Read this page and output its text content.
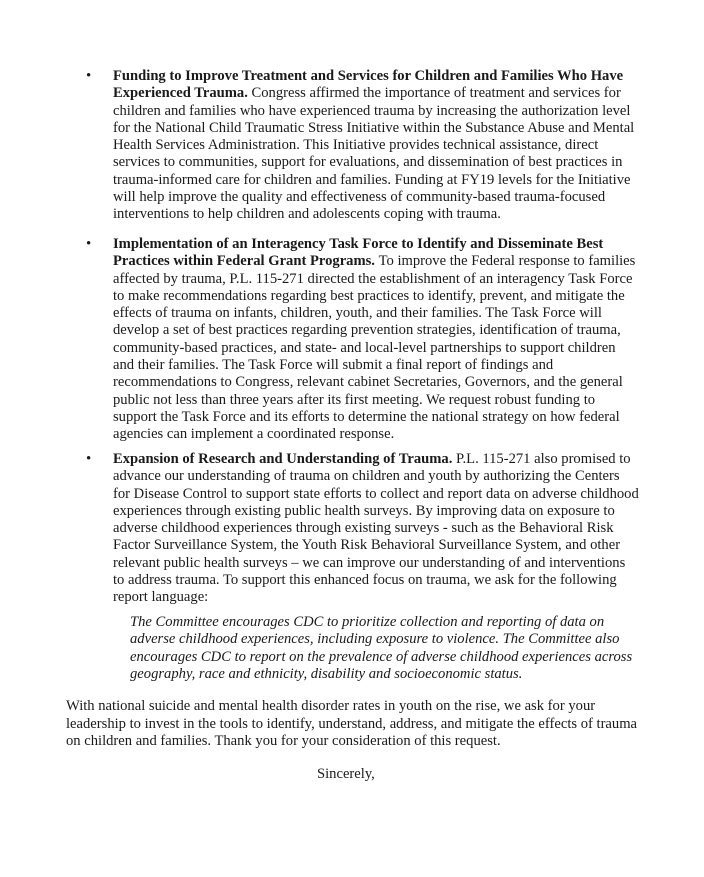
• Funding to Improve Treatment and Services for Children and Families Who Have Experienced Trauma. Congress affirmed the importance of treatment and services for children and families who have experienced trauma by increasing the authorization level for the National Child Traumatic Stress Initiative within the Substance Abuse and Mental Health Services Administration. This Initiative provides technical assistance, direct services to communities, support for evaluations, and dissemination of best practices in trauma-informed care for children and families. Funding at FY19 levels for the Initiative will help improve the quality and effectiveness of community-based trauma-focused interventions to help children and adolescents coping with trauma.
• Implementation of an Interagency Task Force to Identify and Disseminate Best Practices within Federal Grant Programs. To improve the Federal response to families affected by trauma, P.L. 115-271 directed the establishment of an interagency Task Force to make recommendations regarding best practices to identify, prevent, and mitigate the effects of trauma on infants, children, youth, and their families. The Task Force will develop a set of best practices regarding prevention strategies, identification of trauma, community-based practices, and state- and local-level partnerships to support children and their families. The Task Force will submit a final report of findings and recommendations to Congress, relevant cabinet Secretaries, Governors, and the general public not less than three years after its first meeting. We request robust funding to support the Task Force and its efforts to determine the national strategy on how federal agencies can implement a coordinated response.
• Expansion of Research and Understanding of Trauma. P.L. 115-271 also promised to advance our understanding of trauma on children and youth by authorizing the Centers for Disease Control to support state efforts to collect and report data on adverse childhood experiences through existing public health surveys. By improving data on exposure to adverse childhood experiences through existing surveys - such as the Behavioral Risk Factor Surveillance System, the Youth Risk Behavioral Surveillance System, and other relevant public health surveys – we can improve our understanding of and interventions to address trauma. To support this enhanced focus on trauma, we ask for the following report language:
The Committee encourages CDC to prioritize collection and reporting of data on adverse childhood experiences, including exposure to violence. The Committee also encourages CDC to report on the prevalence of adverse childhood experiences across geography, race and ethnicity, disability and socioeconomic status.
With national suicide and mental health disorder rates in youth on the rise, we ask for your leadership to invest in the tools to identify, understand, address, and mitigate the effects of trauma on children and families. Thank you for your consideration of this request.
Sincerely,
